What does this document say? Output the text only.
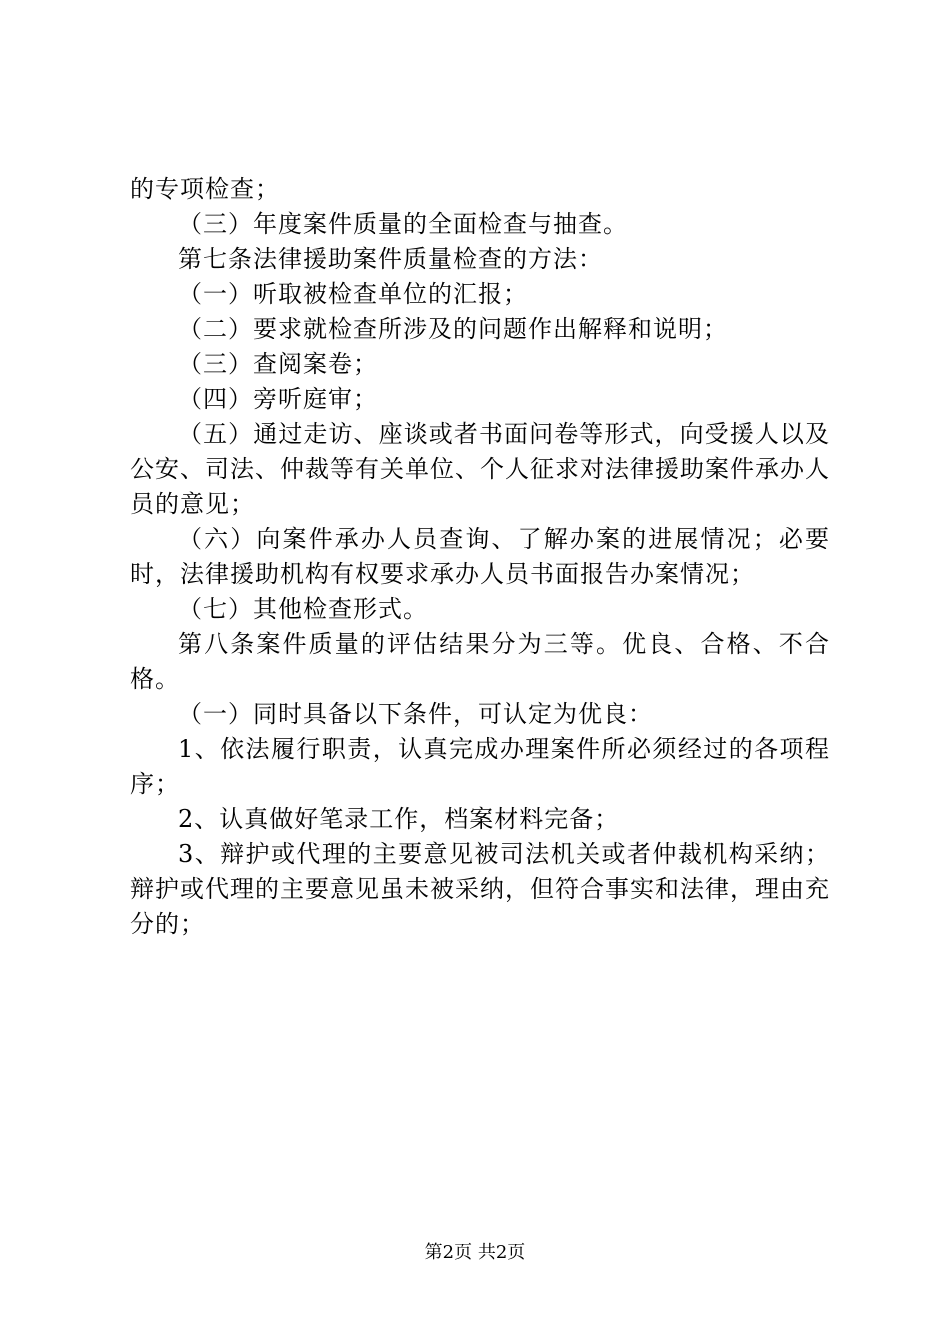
的专项检查；

（三）年度案件质量的全面检查与抽查。

第七条法律援助案件质量检查的方法：

（一）听取被检查单位的汇报；

（二）要求就检查所涉及的问题作出解释和说明；

（三）查阅案卷；

（四）旁听庭审；

（五）通过走访、座谈或者书面问卷等形式，向受援人以及公安、司法、仲裁等有关单位、个人征求对法律援助案件承办人员的意见；

（六）向案件承办人员查询、了解办案的进展情况；必要时，法律援助机构有权要求承办人员书面报告办案情况；

（七）其他检查形式。

第八条案件质量的评估结果分为三等。优良、合格、不合格。

（一）同时具备以下条件，可认定为优良：

1、依法履行职责，认真完成办理案件所必须经过的各项程序；

2、认真做好笔录工作，档案材料完备；

3、辩护或代理的主要意见被司法机关或者仲裁机构采纳；辩护或代理的主要意见虽未被采纳，但符合事实和法律，理由充分的；

第2页 共2页
